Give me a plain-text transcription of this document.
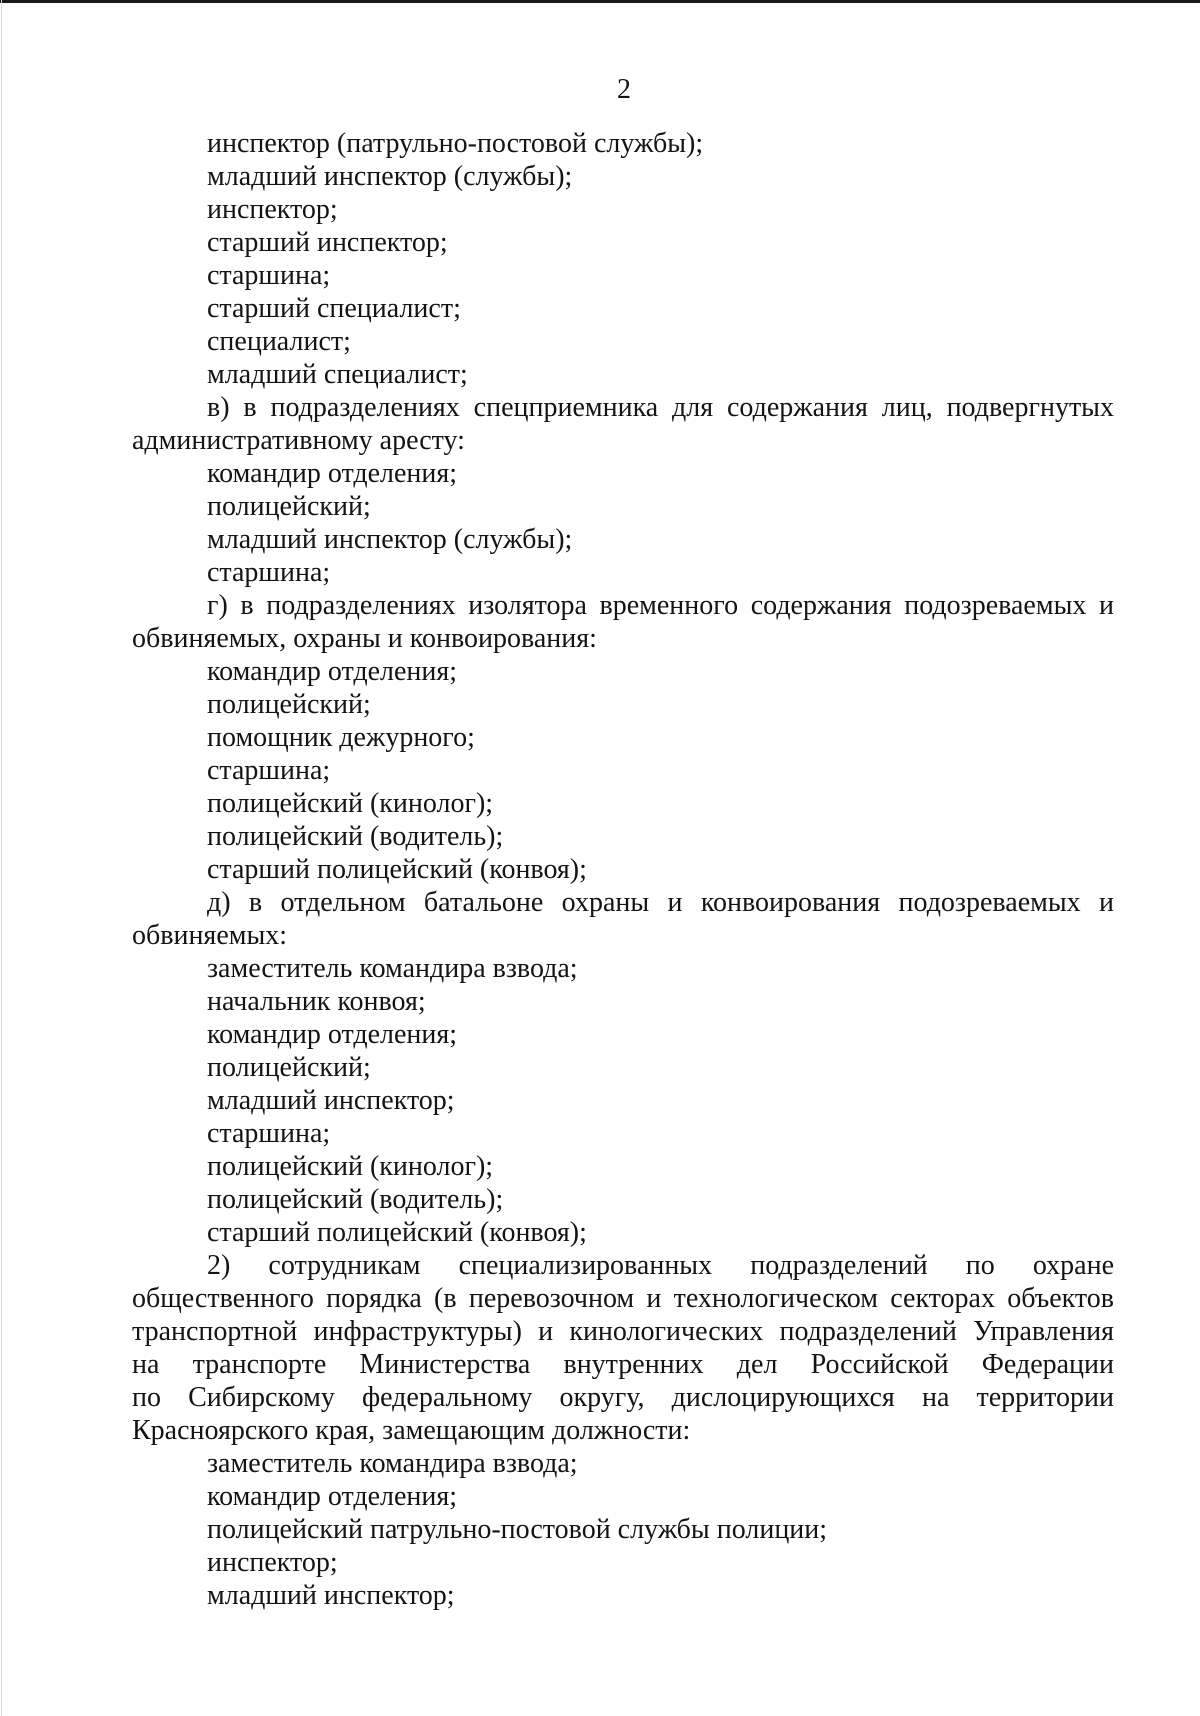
2
инспектор (патрульно-постовой службы);
младший инспектор (службы);
инспектор;
старший инспектор;
старшина;
старший специалист;
специалист;
младший специалист;
в) в подразделениях спецприемника для содержания лиц, подвергнутых
административному аресту:
командир отделения;
полицейский;
младший инспектор (службы);
старшина;
г) в подразделениях изолятора временного содержания подозреваемых и
обвиняемых, охраны и конвоирования:
командир отделения;
полицейский;
помощник дежурного;
старшина;
полицейский (кинолог);
полицейский (водитель);
старший полицейский (конвоя);
д) в отдельном батальоне охраны и конвоирования подозреваемых и
обвиняемых:
заместитель командира взвода;
начальник конвоя;
командир отделения;
полицейский;
младший инспектор;
старшина;
полицейский (кинолог);
полицейский (водитель);
старший полицейский (конвоя);
2) сотрудникам специализированных подразделений по охране
общественного порядка (в перевозочном и технологическом секторах объектов
транспортной инфраструктуры) и кинологических подразделений Управления
на транспорте Министерства внутренних дел Российской Федерации
по Сибирскому федеральному округу, дислоцирующихся на территории
Красноярского края, замещающим должности:
заместитель командира взвода;
командир отделения;
полицейский патрульно-постовой службы полиции;
инспектор;
младший инспектор;
